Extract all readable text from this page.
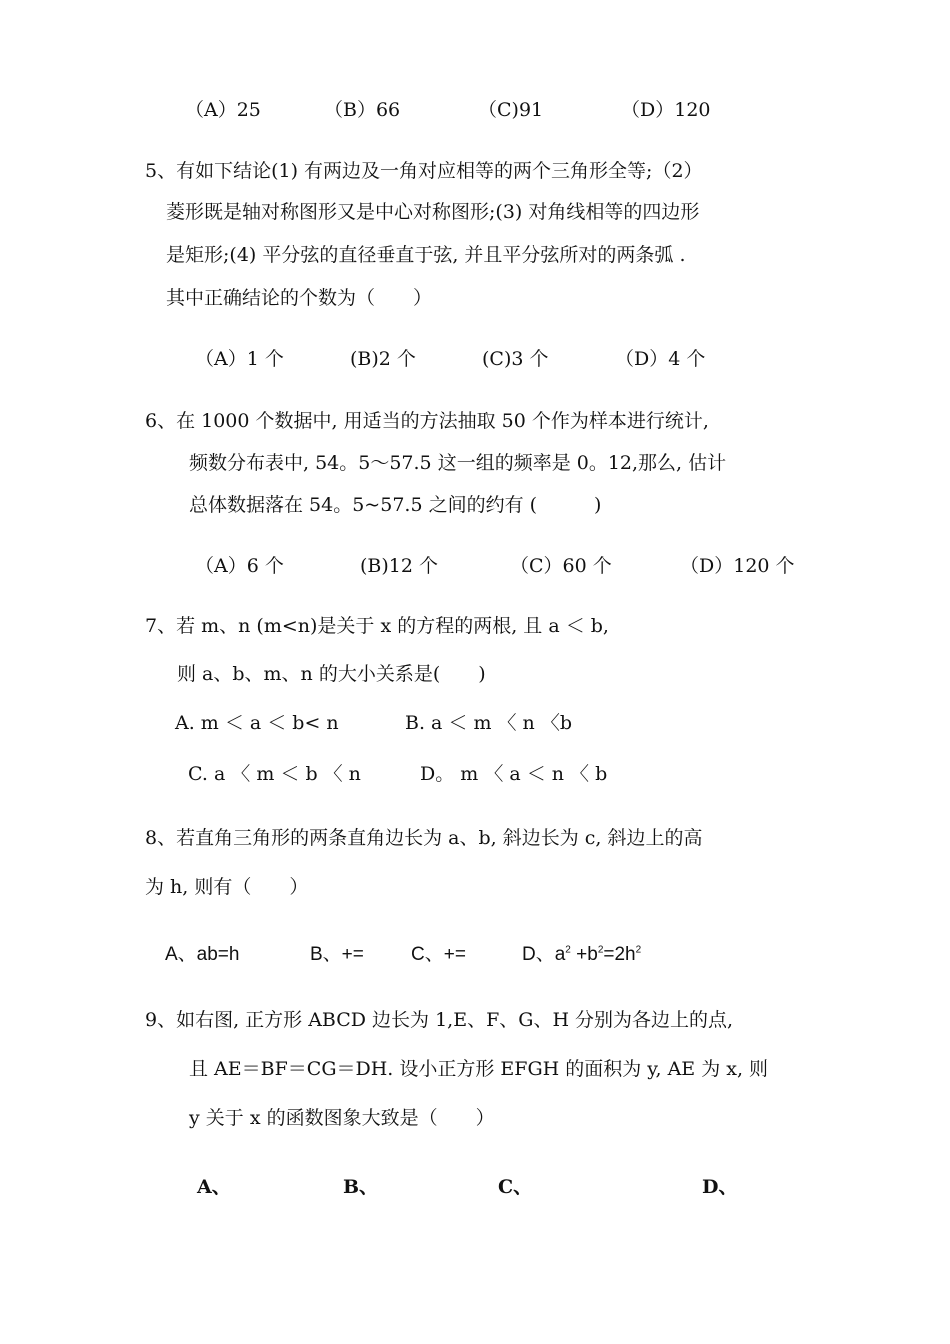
（A）25	（B）66	（C)91	（D）120
5、有如下结论(1) 有两边及一角对应相等的两个三角形全等;（2）
菱形既是轴对称图形又是中心对称图形;(3) 对角线相等的四边形
是矩形;(4) 平分弦的直径垂直于弦, 并且平分弦所对的两条弧 .
其中正确结论的个数为（　　）
（A）1 个	(B)2 个	(C)3 个	（D）4 个
6、在 1000 个数据中, 用适当的方法抽取 50 个作为样本进行统计,
频数分布表中, 54。5～57.5 这一组的频率是 0。12,那么, 估计
总体数据落在 54。5~57.5 之间的约有 (　　　)
（A）6 个	(B)12 个	（C）60 个	（D）120 个
7、若 m、n (m<n)是关于 x 的方程的两根, 且 a ＜ b,
则 a、b、m、n 的大小关系是(　　)
A. m ＜ a ＜ b< n	B. a ＜ m 〈 n 〈b
C. a 〈 m ＜ b 〈 n	D。 m 〈 a ＜ n 〈 b
8、若直角三角形的两条直角边长为 a、b, 斜边长为 c, 斜边上的高
为 h, 则有（　　）
A、ab=h	B、+= C、+=	D、$a^2 +b^2=2h^2$
9、如右图, 正方形 ABCD 边长为 1,E、F、G、H 分别为各边上的点,
且 AE＝BF＝CG＝DH. 设小正方形 EFGH 的面积为 y, AE 为 x, 则
y 关于 x 的函数图象大致是（　　）
A、	B、	C、	D、
